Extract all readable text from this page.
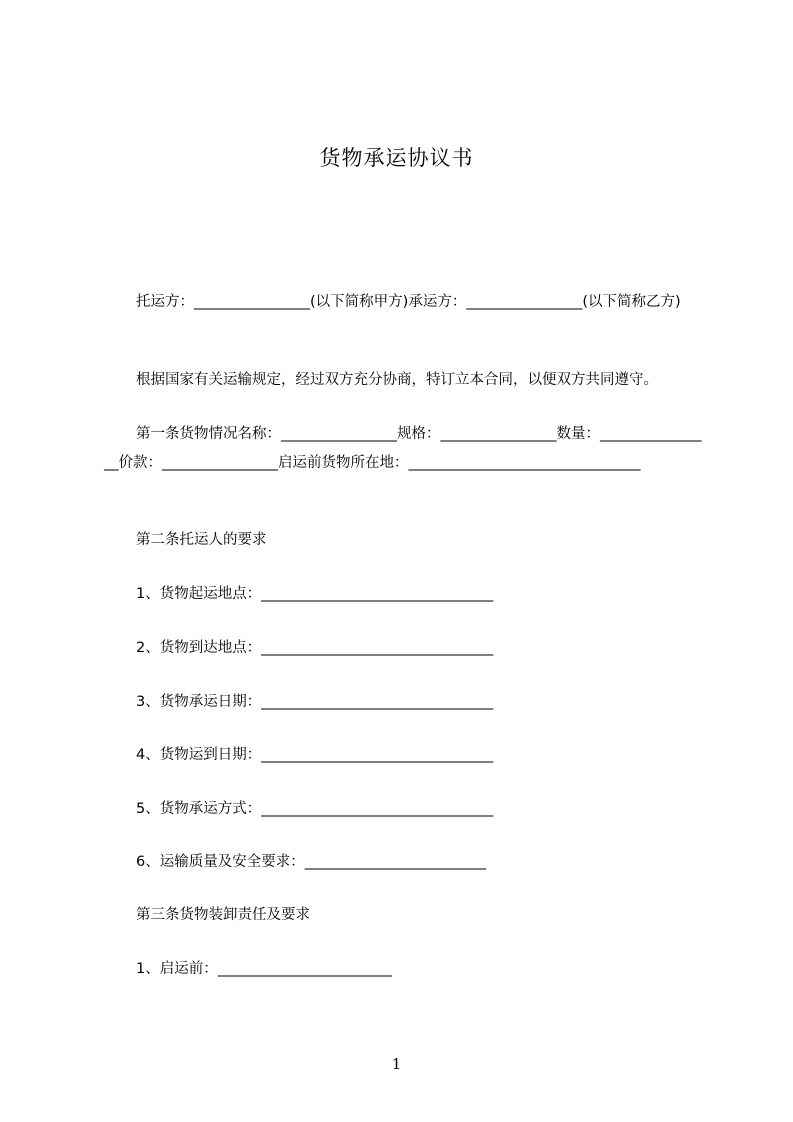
货物承运协议书
托运方：________________(以下简称甲方)承运方：________________(以下简称乙方)
根据国家有关运输规定，经过双方充分协商，特订立本合同，以便双方共同遵守。
第一条货物情况名称：________________规格：________________数量：________________价款：________________启运前货物所在地：________________________________
第二条托运人的要求
1、货物起运地点：________________________________
2、货物到达地点：________________________________
3、货物承运日期：________________________________
4、货物运到日期：________________________________
5、货物承运方式：________________________________
6、运输质量及安全要求：_________________________
第三条货物装卸责任及要求
1、启运前：________________________
1
